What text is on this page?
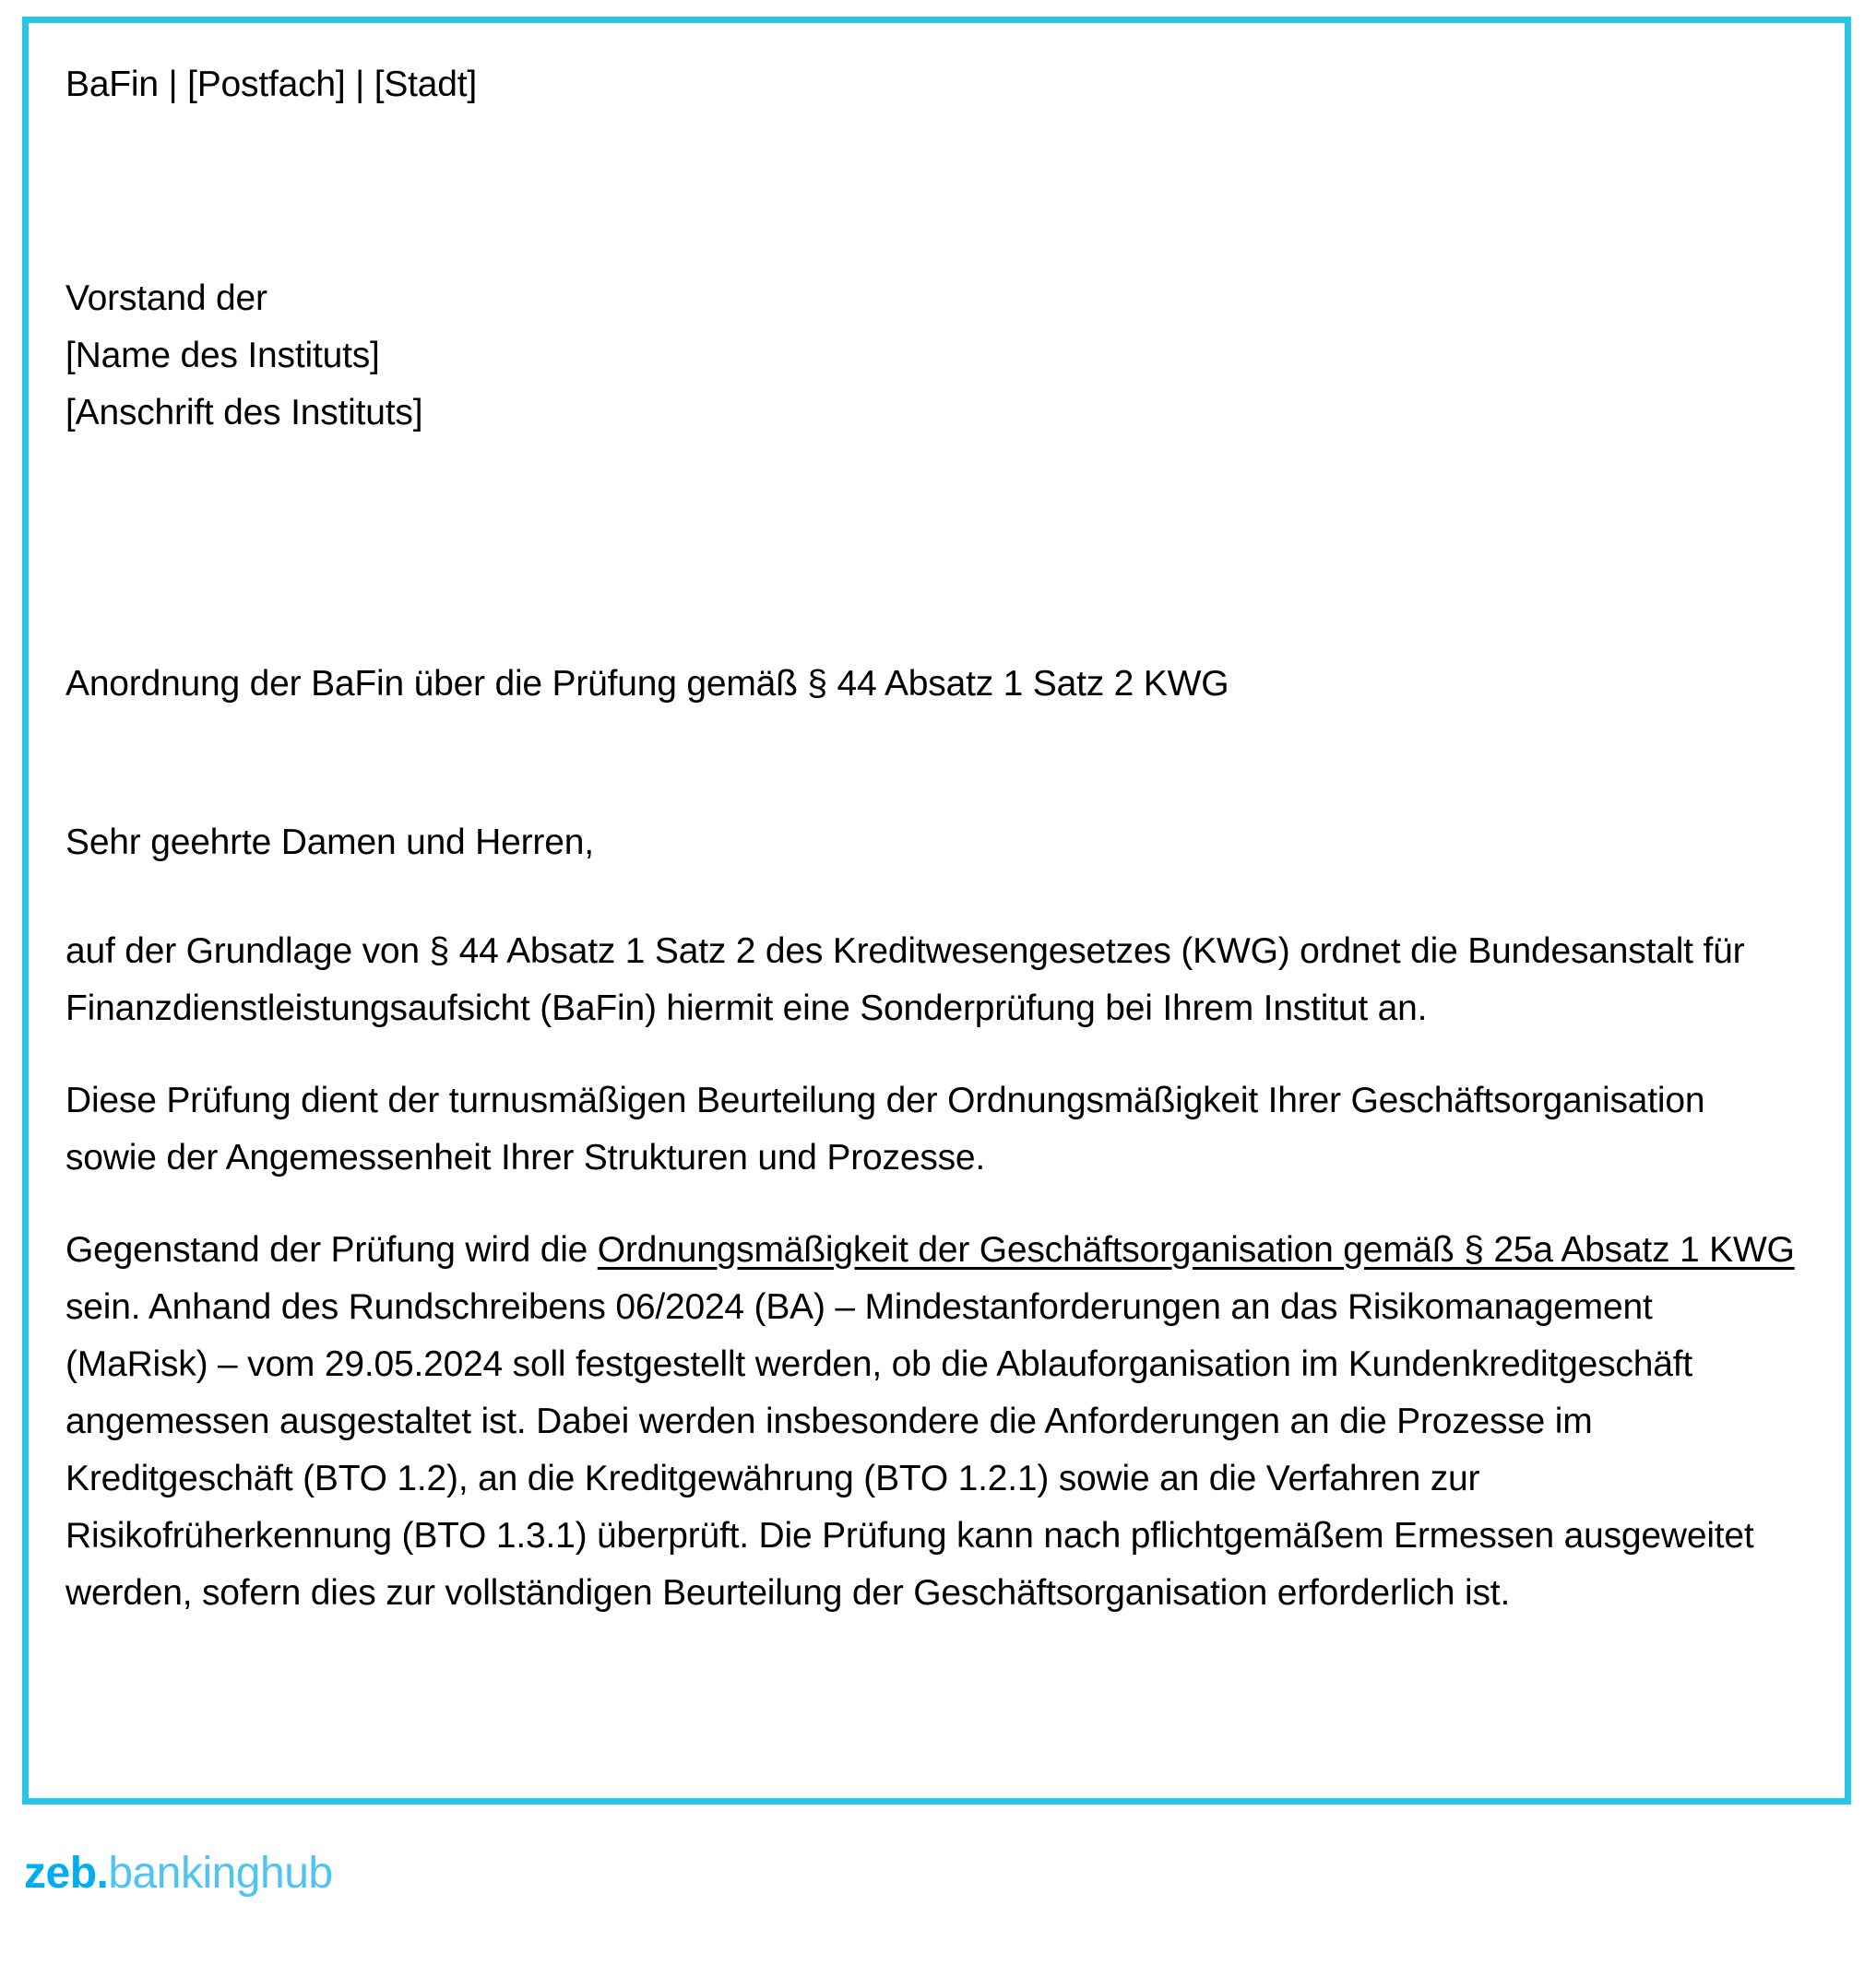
BaFin | [Postfach] | [Stadt]
Vorstand der
[Name des Instituts]
[Anschrift des Instituts]
Anordnung der BaFin über die Prüfung gemäß § 44 Absatz 1 Satz 2 KWG
Sehr geehrte Damen und Herren,

auf der Grundlage von § 44 Absatz 1 Satz 2 des Kreditwesengesetzes (KWG) ordnet die Bundesanstalt für Finanzdienstleistungsaufsicht (BaFin) hiermit eine Sonderprüfung bei Ihrem Institut an.

Diese Prüfung dient der turnusmäßigen Beurteilung der Ordnungsmäßigkeit Ihrer Geschäftsorganisation sowie der Angemessenheit Ihrer Strukturen und Prozesse.

Gegenstand der Prüfung wird die Ordnungsmäßigkeit der Geschäftsorganisation gemäß § 25a Absatz 1 KWG sein. Anhand des Rundschreibens 06/2024 (BA) – Mindestanforderungen an das Risikomanagement (MaRisk) – vom 29.05.2024 soll festgestellt werden, ob die Ablauforganisation im Kundenkreditgeschäft angemessen ausgestaltet ist. Dabei werden insbesondere die Anforderungen an die Prozesse im Kreditgeschäft (BTO 1.2), an die Kreditgewährung (BTO 1.2.1) sowie an die Verfahren zur Risikofrüherkennung (BTO 1.3.1) überprüft. Die Prüfung kann nach pflichtgemäßem Ermessen ausgeweitet werden, sofern dies zur vollständigen Beurteilung der Geschäftsorganisation erforderlich ist.

zeb . bankinghub
